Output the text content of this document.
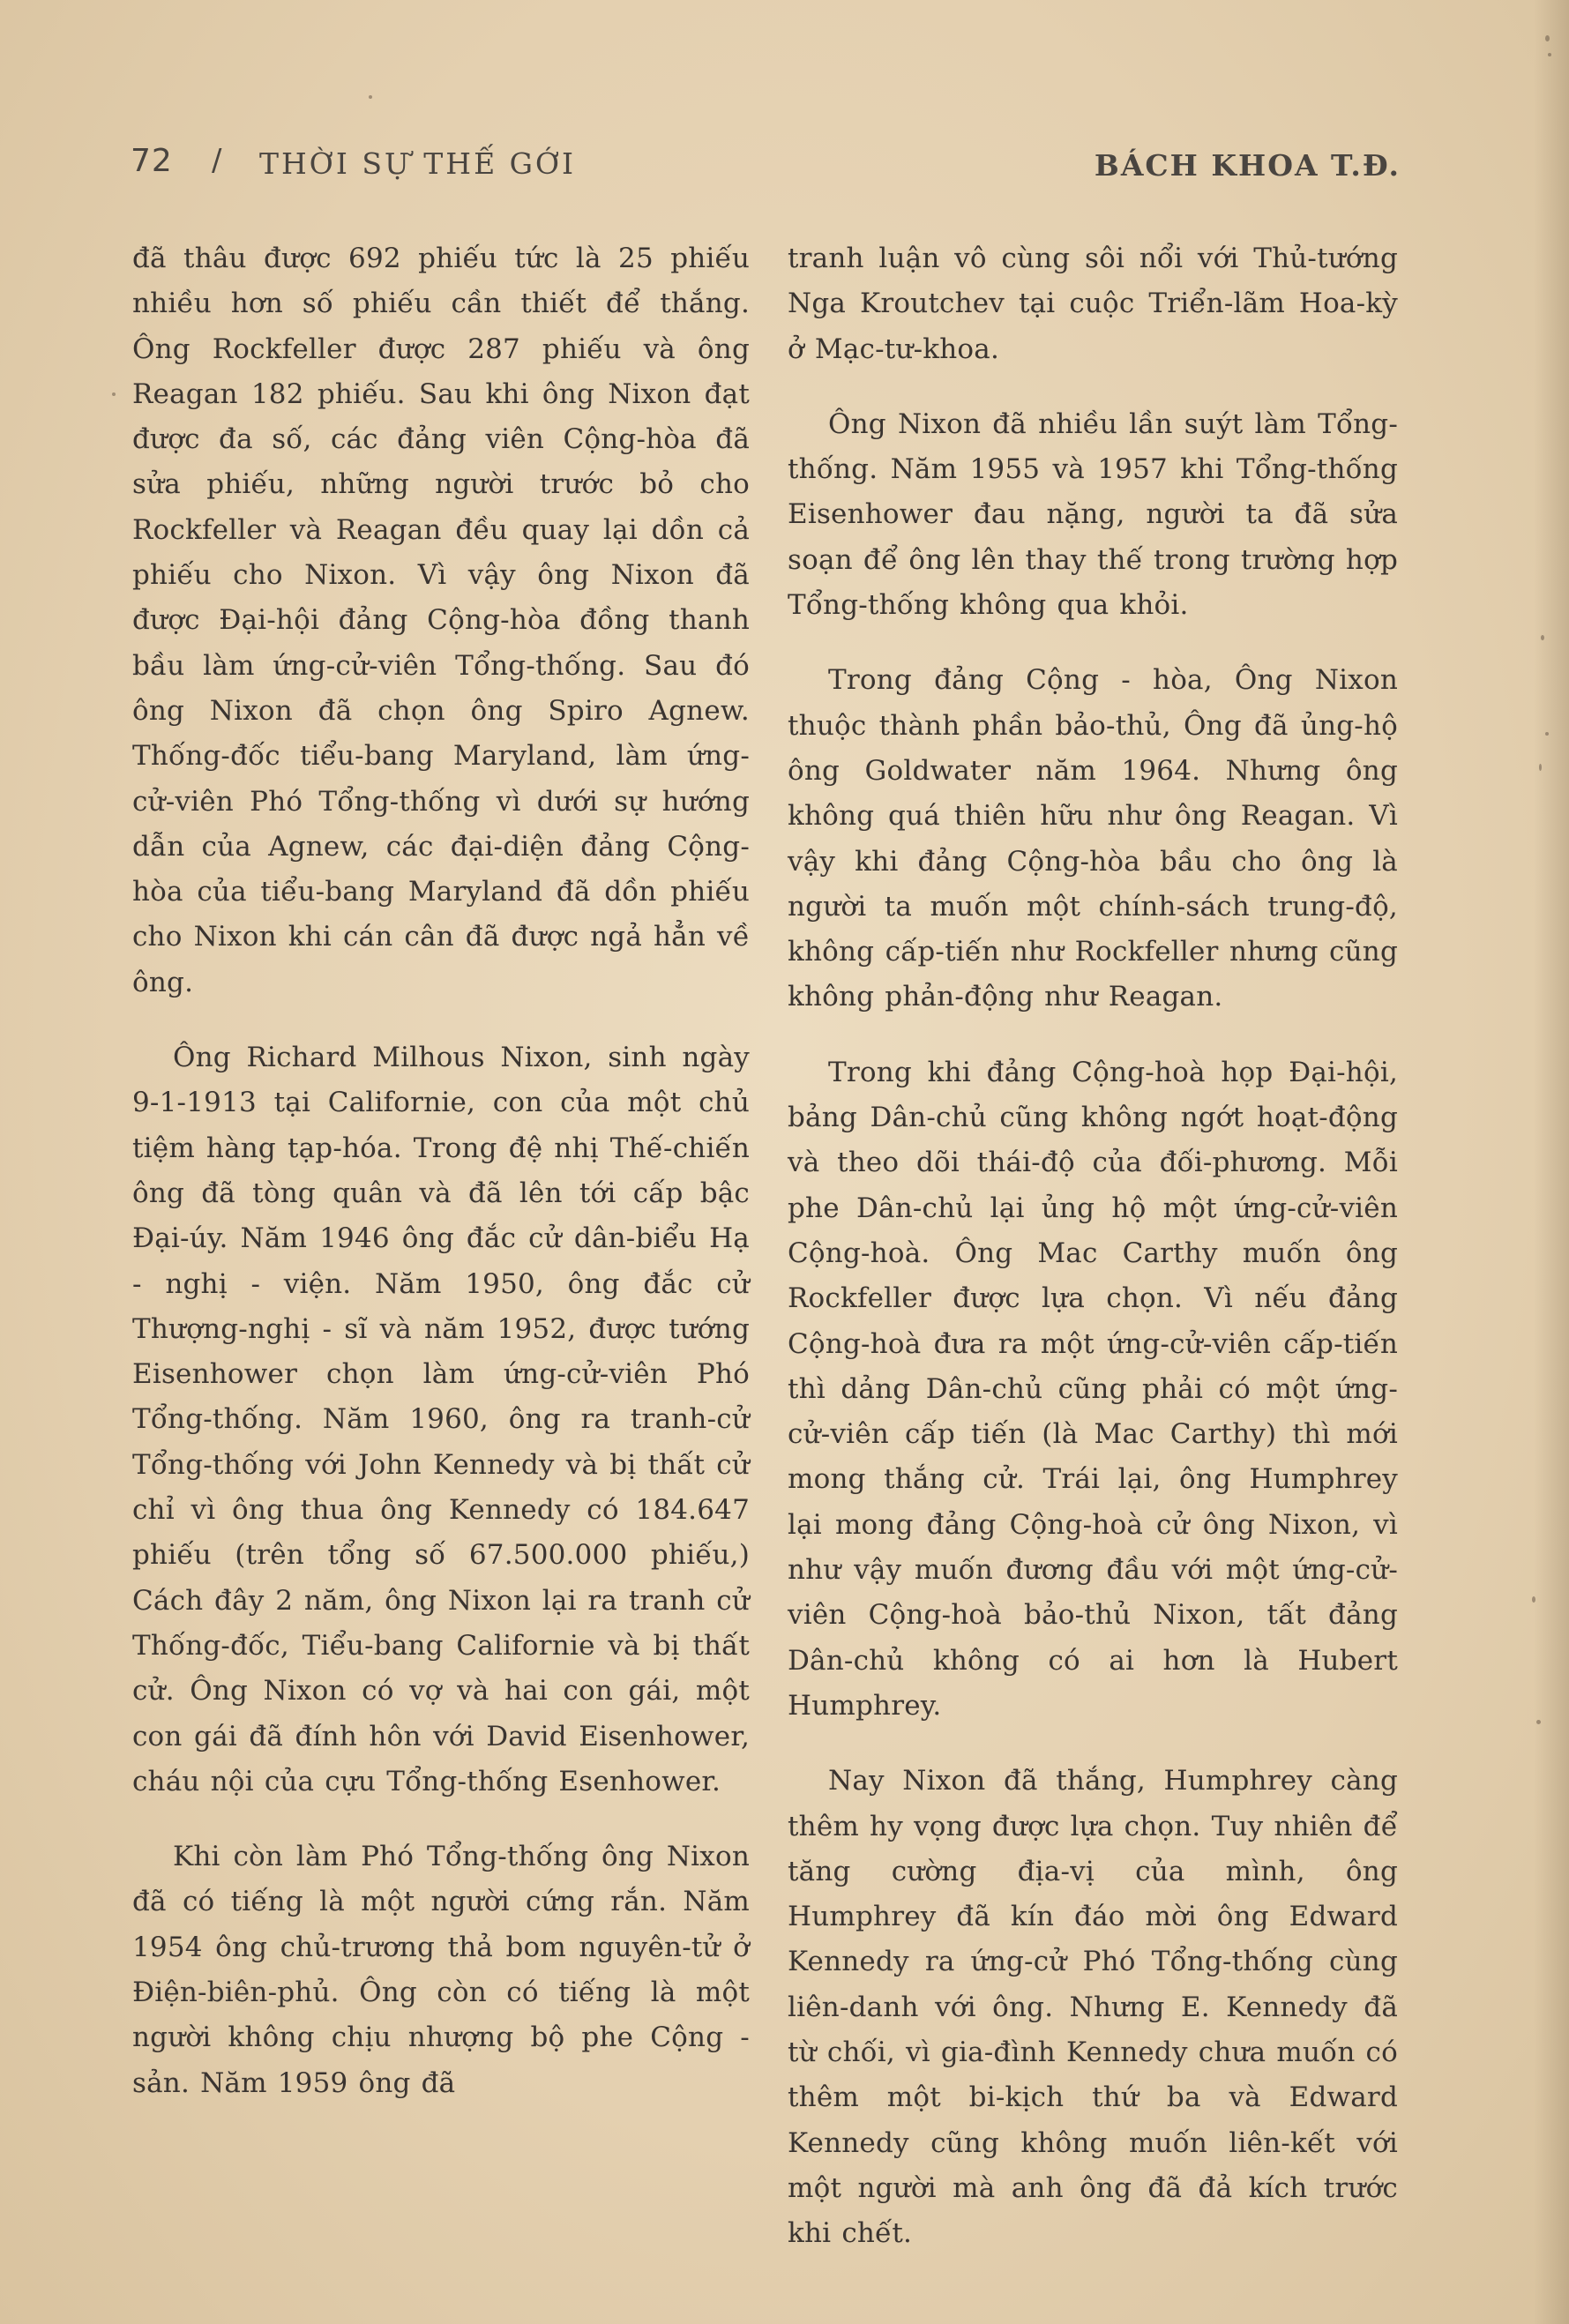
72 / THỜI SỰ THẾ GỚI	BÁCH KHOA T.Đ.

đã thâu được 692 phiếu tức là 25 phiếu nhiều hơn số phiếu cần thiết để thắng. Ông Rockfeller được 287 phiếu và ông Reagan 182 phiếu. Sau khi ông Nixon đạt được đa số, các đảng viên Cộng-hòa đã sửa phiếu, những người trước bỏ cho Rockfeller và Reagan đều quay lại dồn cả phiếu cho Nixon. Vì vậy ông Nixon đã được Đại-hội đảng Cộng-hòa đồng thanh bầu làm ứng-cử-viên Tổng-thống. Sau đó ông Nixon đã chọn ông Spiro Agnew. Thống-đốc tiểu-bang Maryland, làm ứng-cử-viên Phó Tổng-thống vì dưới sự hướng dẫn của Agnew, các đại-diện đảng Cộng-hòa của tiểu-bang Maryland đã dồn phiếu cho Nixon khi cán cân đã được ngả hẳn về ông.

Ông Richard Milhous Nixon, sinh ngày 9-1-1913 tại Californie, con của một chủ tiệm hàng tạp-hóa. Trong đệ nhị Thế-chiến ông đã tòng quân và đã lên tới cấp bậc Đại-úy. Năm 1946 ông đắc cử dân-biểu Hạ - nghị - viện. Năm 1950, ông đắc cử Thượng-nghị - sĩ và năm 1952, được tướng Eisenhower chọn làm ứng-cử-viên Phó Tổng-thống. Năm 1960, ông ra tranh-cử Tổng-thống với John Kennedy và bị thất cử chỉ vì ông thua ông Kennedy có 184.647 phiếu (trên tổng số 67.500.000 phiếu,) Cách đây 2 năm, ông Nixon lại ra tranh cử Thống-đốc, Tiểu-bang Californie và bị thất cử. Ông Nixon có vợ và hai con gái, một con gái đã đính hôn với David Eisenhower, cháu nội của cựu Tổng-thống Esenhower.

Khi còn làm Phó Tổng-thống ông Nixon đã có tiếng là một người cứng rắn. Năm 1954 ông chủ-trương thả bom nguyên-tử ở Điện-biên-phủ. Ông còn có tiếng là một người không chịu nhượng bộ phe Cộng - sản. Năm 1959 ông đã

tranh luận vô cùng sôi nổi với Thủ-tướng Nga Kroutchev tại cuộc Triển-lãm Hoa-kỳ ở Mạc-tư-khoa.

Ông Nixon đã nhiều lần suýt làm Tổng-thống. Năm 1955 và 1957 khi Tổng-thống Eisenhower đau nặng, người ta đã sửa soạn để ông lên thay thế trong trường hợp Tổng-thống không qua khỏi.

Trong đảng Cộng - hòa, Ông Nixon thuộc thành phần bảo-thủ, Ông đã ủng-hộ ông Goldwater năm 1964. Nhưng ông không quá thiên hữu như ông Reagan. Vì vậy khi đảng Cộng-hòa bầu cho ông là người ta muốn một chính-sách trung-độ, không cấp-tiến như Rockfeller nhưng cũng không phản-động như Reagan.

Trong khi đảng Cộng-hoà họp Đại-hội, bảng Dân-chủ cũng không ngớt hoạt-động và theo dõi thái-độ của đối-phương. Mỗi phe Dân-chủ lại ủng hộ một ứng-cử-viên Cộng-hoà. Ông Mac Carthy muốn ông Rockfeller được lựa chọn. Vì nếu đảng Cộng-hoà đưa ra một ứng-cử-viên cấp-tiến thì dảng Dân-chủ cũng phải có một ứng-cử-viên cấp tiến (là Mac Carthy) thì mới mong thắng cử. Trái lại, ông Humphrey lại mong đảng Cộng-hoà cử ông Nixon, vì như vậy muốn đương đầu với một ứng-cử-viên Cộng-hoà bảo-thủ Nixon, tất đảng Dân-chủ không có ai hơn là Hubert Humphrey.

Nay Nixon đã thắng, Humphrey càng thêm hy vọng được lựa chọn. Tuy nhiên để tăng cường địa-vị của mình, ông Humphrey đã kín đáo mời ông Edward Kennedy ra ứng-cử Phó Tổng-thống cùng liên-danh với ông. Nhưng E. Kennedy đã từ chối, vì gia-đình Kennedy chưa muốn có thêm một bi-kịch thứ ba và Edward Kennedy cũng không muốn liên-kết với một người mà anh ông đã đả kích trước khi chết.
